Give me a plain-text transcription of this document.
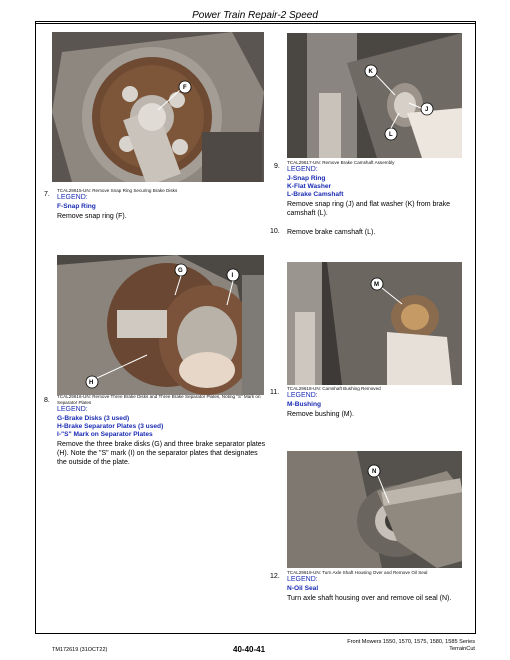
Power Train Repair-2 Speed
F
7.
TCAL29615-UN: Remove Snap Ring Securing Brake Disks
LEGEND:
F-Snap Ring
Remove snap ring (F).
G
I
H
8.
TCAL29616-UN: Remove Three Brake Disks and Three Brake Separator Plates, Noting "S" Mark on Separator Plates
LEGEND:
G-Brake Disks (3 used)
H-Brake Separator Plates (3 used)
I-"S" Mark on Separator Plates
Remove the three brake disks (G) and three brake separator plates (H). Note the "S" mark (I) on the separator plates that designates the outside of the plate.
K
J
L
9.
TCAL29617-UN: Remove Brake Camshaft Assembly
LEGEND:
J-Snap Ring
K-Flat Washer
L-Brake Camshaft
Remove snap ring (J) and flat washer (K) from brake camshaft (L).
10. Remove brake camshaft (L).
M
11.
TCAL29618-UN: Camshaft Bushing Removed
LEGEND:
M-Bushing
Remove bushing (M).
N
12.
TCAL29619-UN: Turn Axle Shaft Housing Over and Remove Oil Seal
LEGEND:
N-Oil Seal
Turn axle shaft housing over and remove oil seal (N).
TM172619 (31OCT22)	40-40-41
Front Mowers 1550, 1570, 1575, 1580, 1585 Series
TerrainCut
